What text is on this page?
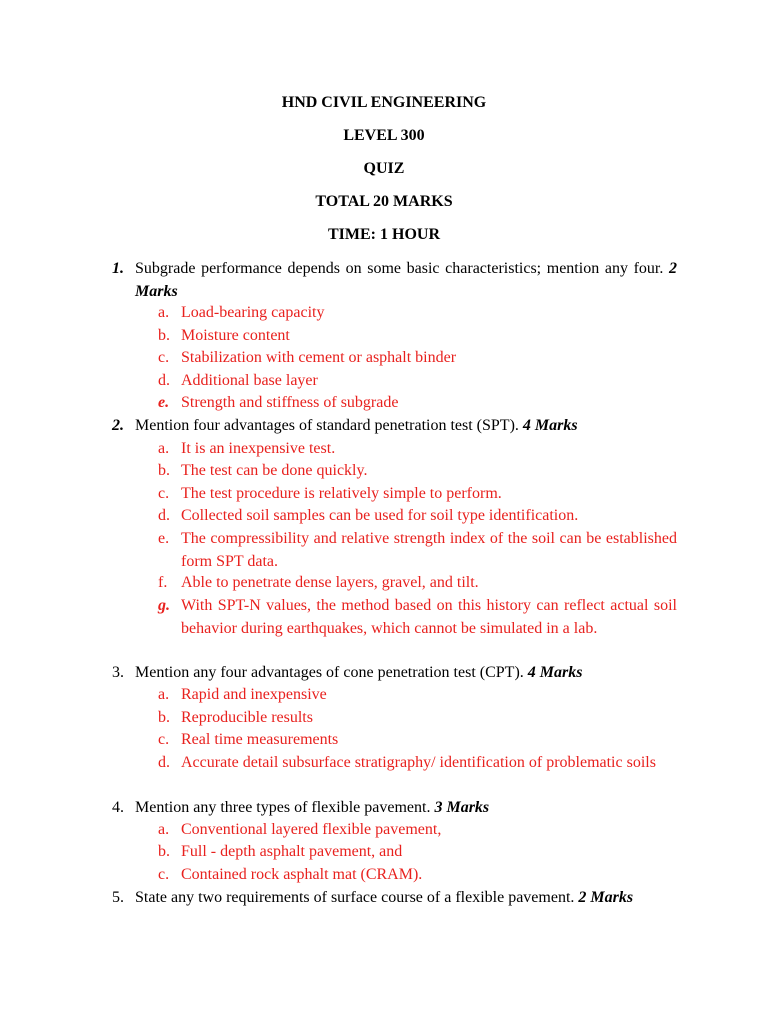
HND CIVIL ENGINEERING
LEVEL 300
QUIZ
TOTAL 20 MARKS
TIME: 1 HOUR
1. Subgrade performance depends on some basic characteristics; mention any four. 2 Marks
a. Load-bearing capacity
b. Moisture content
c. Stabilization with cement or asphalt binder
d. Additional base layer
e. Strength and stiffness of subgrade
2. Mention four advantages of standard penetration test (SPT). 4 Marks
a. It is an inexpensive test.
b. The test can be done quickly.
c. The test procedure is relatively simple to perform.
d. Collected soil samples can be used for soil type identification.
e. The compressibility and relative strength index of the soil can be established form SPT data.
f. Able to penetrate dense layers, gravel, and tilt.
g. With SPT-N values, the method based on this history can reflect actual soil behavior during earthquakes, which cannot be simulated in a lab.
3. Mention any four advantages of cone penetration test (CPT). 4 Marks
a. Rapid and inexpensive
b. Reproducible results
c. Real time measurements
d. Accurate detail subsurface stratigraphy/ identification of problematic soils
4. Mention any three types of flexible pavement. 3 Marks
a. Conventional layered flexible pavement,
b. Full - depth asphalt pavement, and
c. Contained rock asphalt mat (CRAM).
5. State any two requirements of surface course of a flexible pavement. 2 Marks
